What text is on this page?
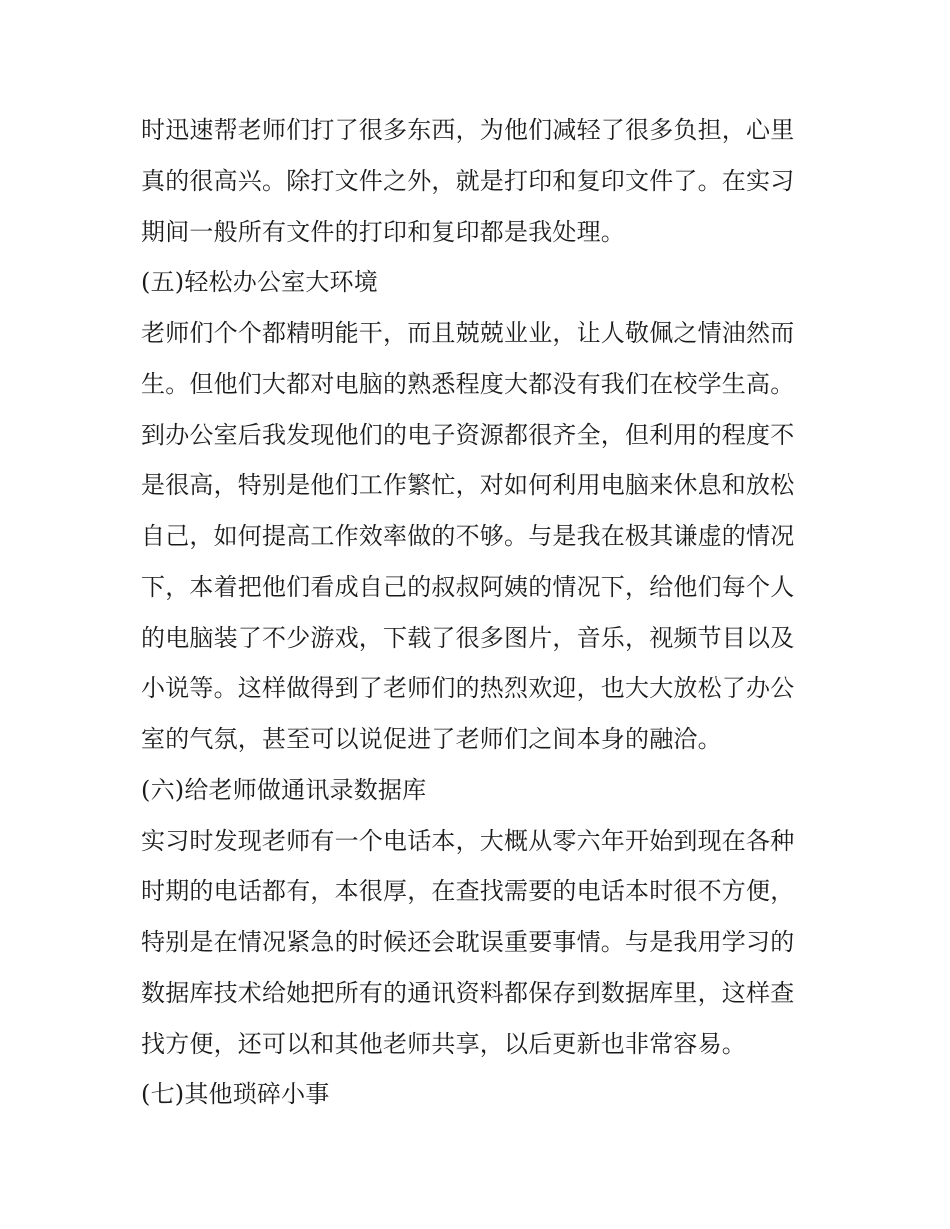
时迅速帮老师们打了很多东西，为他们减轻了很多负担，心里
真的很高兴。除打文件之外，就是打印和复印文件了。在实习
期间一般所有文件的打印和复印都是我处理。
(五)轻松办公室大环境
老师们个个都精明能干，而且兢兢业业，让人敬佩之情油然而
生。但他们大都对电脑的熟悉程度大都没有我们在校学生高。
到办公室后我发现他们的电子资源都很齐全，但利用的程度不
是很高，特别是他们工作繁忙，对如何利用电脑来休息和放松
自己，如何提高工作效率做的不够。与是我在极其谦虚的情况
下，本着把他们看成自己的叔叔阿姨的情况下，给他们每个人
的电脑装了不少游戏，下载了很多图片，音乐，视频节目以及
小说等。这样做得到了老师们的热烈欢迎，也大大放松了办公
室的气氛，甚至可以说促进了老师们之间本身的融洽。
(六)给老师做通讯录数据库
实习时发现老师有一个电话本，大概从零六年开始到现在各种
时期的电话都有，本很厚，在查找需要的电话本时很不方便，
特别是在情况紧急的时候还会耽误重要事情。与是我用学习的
数据库技术给她把所有的通讯资料都保存到数据库里，这样查
找方便，还可以和其他老师共享，以后更新也非常容易。
(七)其他琐碎小事
